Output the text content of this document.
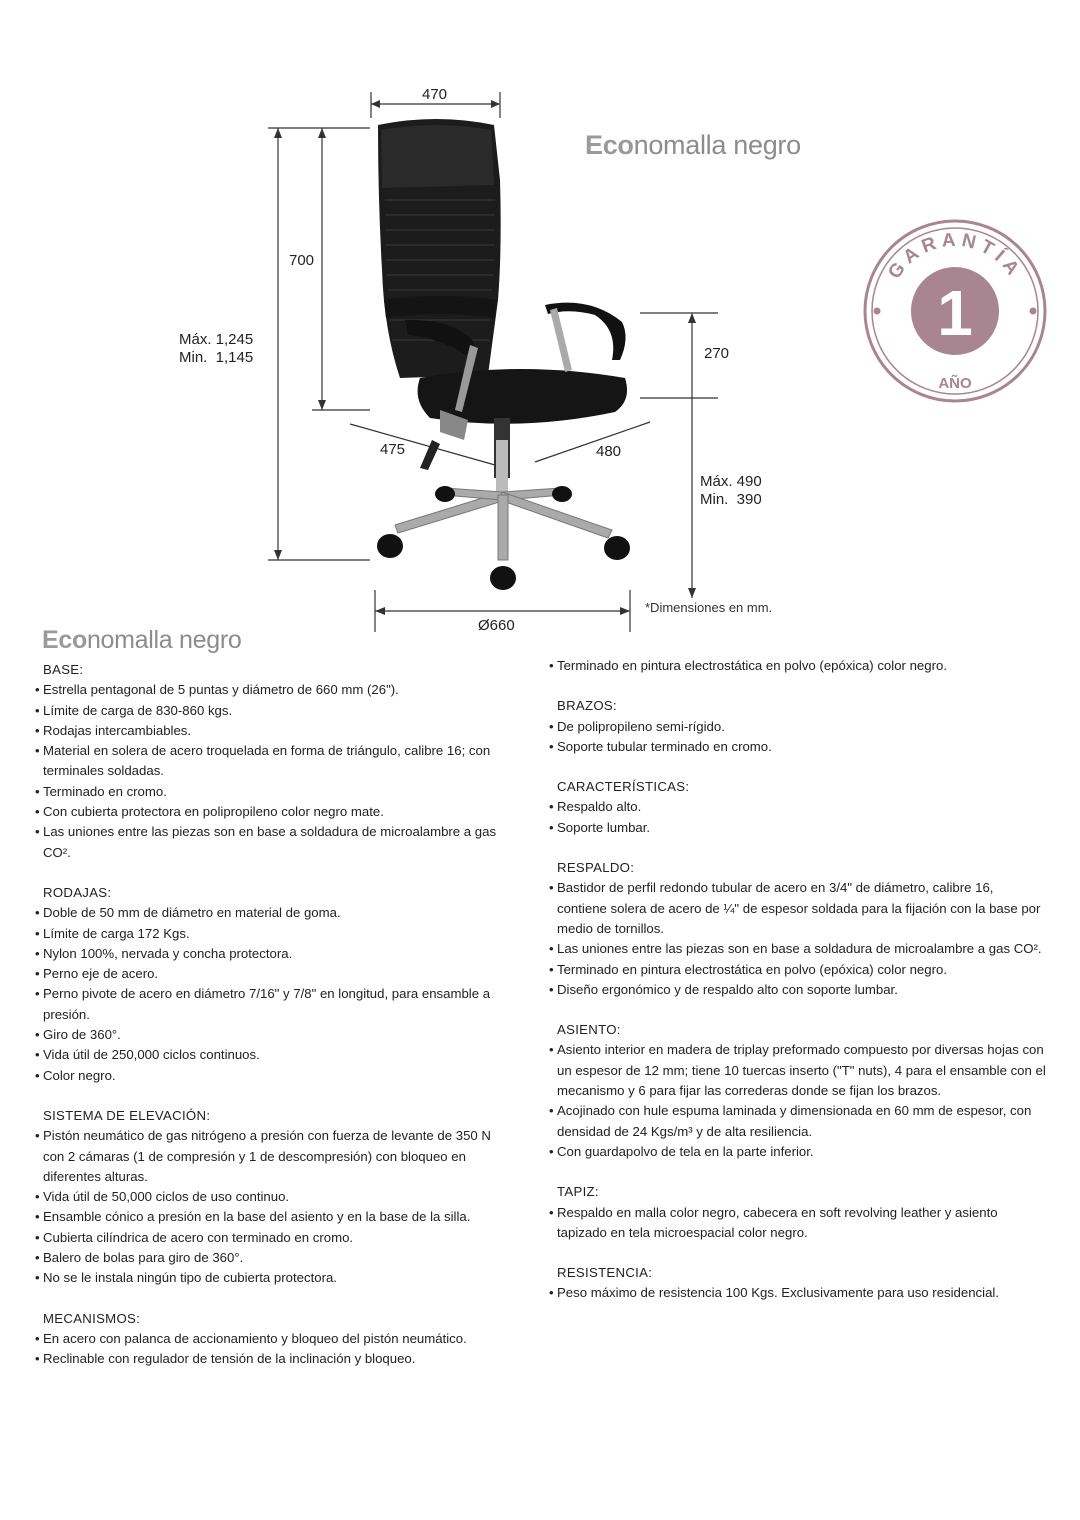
470
700
Máx. 1,245
Min.  1,145	270
475	480
Máx. 490
Min.  390
Ø660
*Dimensiones en mm.
Economalla negro
Economalla negro
GARANTÍA
1
AÑO
BASE:
• Estrella pentagonal de 5 puntas y diámetro de 660 mm (26").
• Límite de carga de 830-860 kgs.
• Rodajas intercambiables.
• Material en solera de acero troquelada en forma de triángulo, calibre 16; con terminales soldadas.
• Terminado en cromo.
• Con cubierta protectora en polipropileno color negro mate.
• Las uniones entre las piezas son en base a soldadura de microalambre a gas CO².
RODAJAS:
• Doble de 50 mm de diámetro en material de goma.
• Límite de carga 172 Kgs.
• Nylon 100%, nervada y concha protectora.
• Perno eje de acero.
• Perno pivote de acero en diámetro 7/16" y 7/8" en longitud, para ensamble a presión.
• Giro de 360°.
• Vida útil de 250,000 ciclos continuos.
• Color negro.
SISTEMA DE ELEVACIÓN:
• Pistón neumático de gas nitrógeno a presión con fuerza de levante de 350 N con 2 cámaras (1 de compresión y 1 de descompresión) con bloqueo en diferentes alturas.
• Vida útil de 50,000 ciclos de uso continuo.
• Ensamble cónico a presión en la base del asiento y en la base de la silla.
• Cubierta cilíndrica de acero con terminado en cromo.
• Balero de bolas para giro de 360°.
• No se le instala ningún tipo de cubierta protectora.
MECANISMOS:
• En acero con palanca de accionamiento y bloqueo del pistón neumático.
• Reclinable con regulador de tensión de la inclinación y bloqueo.
• Terminado en pintura electrostática en polvo (epóxica) color negro.
BRAZOS:
• De polipropileno semi-rígido.
• Soporte tubular terminado en cromo.
CARACTERÍSTICAS:
• Respaldo alto.
• Soporte lumbar.
RESPALDO:
• Bastidor de perfil redondo tubular de acero en 3/4" de diámetro, calibre 16, contiene solera de acero de ¼" de espesor soldada para la fijación con la base por medio de tornillos.
• Las uniones entre las piezas son en base a soldadura de microalambre a gas CO².
• Terminado en pintura electrostática en polvo (epóxica) color negro.
• Diseño ergonómico y de respaldo alto con soporte lumbar.
ASIENTO:
• Asiento interior en madera de triplay preformado compuesto por diversas hojas con un espesor de 12 mm; tiene 10 tuercas inserto ("T" nuts), 4 para el ensamble con el mecanismo y 6 para fijar las correderas donde se fijan los brazos.
• Acojinado con hule espuma laminada y dimensionada en 60 mm de espesor, con densidad de 24 Kgs/m³ y de alta resiliencia.
• Con guardapolvo de tela en la parte inferior.
TAPIZ:
• Respaldo en malla color negro, cabecera en soft revolving leather y asiento tapizado en tela microespacial color negro.
RESISTENCIA:
• Peso máximo de resistencia 100 Kgs. Exclusivamente para uso residencial.
